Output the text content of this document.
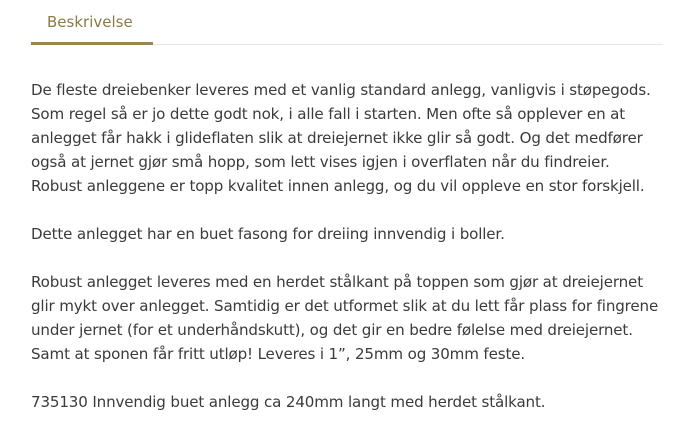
Beskrivelse

De fleste dreiebenker leveres med et vanlig standard anlegg, vanligvis i støpegods.
Som regel så er jo dette godt nok, i alle fall i starten. Men ofte så opplever en at
anlegget får hakk i glideflaten slik at dreiejernet ikke glir så godt. Og det medfører
også at jernet gjør små hopp, som lett vises igjen i overflaten når du findreier.
Robust anleggene er topp kvalitet innen anlegg, og du vil oppleve en stor forskjell.

Dette anlegget har en buet fasong for dreiing innvendig i boller.

Robust anlegget leveres med en herdet stålkant på toppen som gjør at dreiejernet
glir mykt over anlegget. Samtidig er det utformet slik at du lett får plass for fingrene
under jernet (for et underhåndskutt), og det gir en bedre følelse med dreiejernet.
Samt at sponen får fritt utløp! Leveres i 1”, 25mm og 30mm feste.

735130 Innvendig buet anlegg ca 240mm langt med herdet stålkant.
